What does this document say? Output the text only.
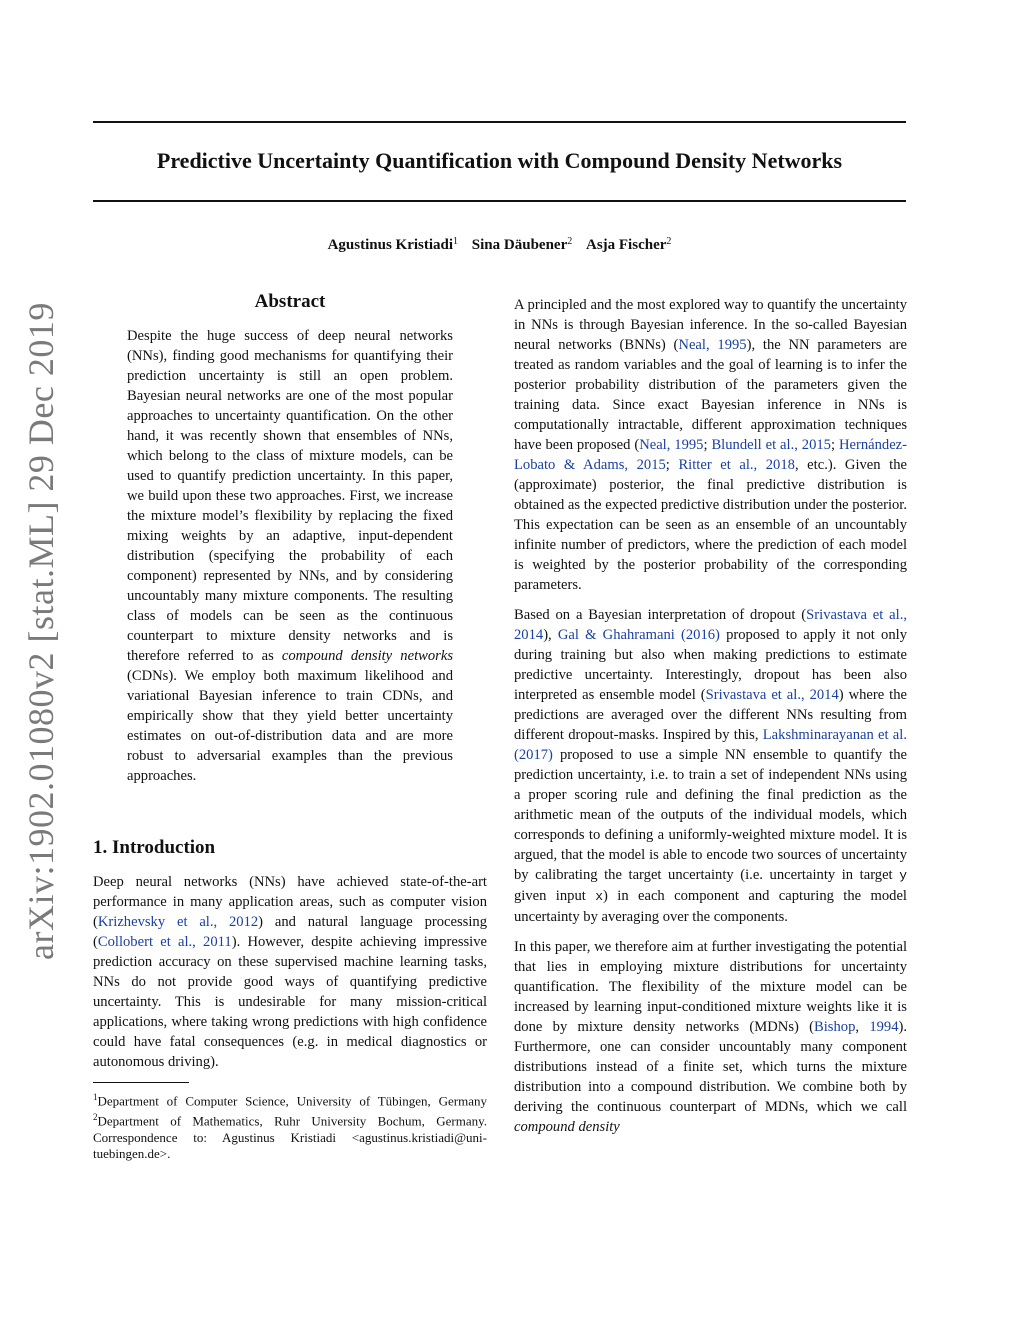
arXiv:1902.01080v2 [stat.ML] 29 Dec 2019
Predictive Uncertainty Quantification with Compound Density Networks
Agustinus Kristiadi$^1$ Sina Däubener$^2$ Asja Fischer$^2$
Abstract

Despite the huge success of deep neural networks (NNs), finding good mechanisms for quantifying their prediction uncertainty is still an open problem. Bayesian neural networks are one of the most popular approaches to uncertainty quantification. On the other hand, it was recently shown that ensembles of NNs, which belong to the class of mixture models, can be used to quantify prediction uncertainty. In this paper, we build upon these two approaches. First, we increase the mixture model’s flexibility by replacing the fixed mixing weights by an adaptive, input-dependent distribution (specifying the probability of each component) represented by NNs, and by considering uncountably many mixture components. The resulting class of models can be seen as the continuous counterpart to mixture density networks and is therefore referred to as compound density networks (CDNs). We employ both maximum likelihood and variational Bayesian inference to train CDNs, and empirically show that they yield better uncertainty estimates on out-of-distribution data and are more robust to adversarial examples than the previous approaches.

1. Introduction

Deep neural networks (NNs) have achieved state-of-the-art performance in many application areas, such as computer vision (Krizhevsky et al., 2012) and natural language processing (Collobert et al., 2011). However, despite achieving impressive prediction accuracy on these supervised machine learning tasks, NNs do not provide good ways of quantifying predictive uncertainty. This is undesirable for many mission-critical applications, where taking wrong predictions with high confidence could have fatal consequences (e.g. in medical diagnostics or autonomous driving).

$^1$Department of Computer Science, University of Tübingen, Germany $^2$Department of Mathematics, Ruhr University Bochum, Germany. Correspondence to: Agustinus Kristiadi <agustinus.kristiadi@uni-tuebingen.de>.

A principled and the most explored way to quantify the uncertainty in NNs is through Bayesian inference. In the so-called Bayesian neural networks (BNNs) (Neal, 1995), the NN parameters are treated as random variables and the goal of learning is to infer the posterior probability distribution of the parameters given the training data. Since exact Bayesian inference in NNs is computationally intractable, different approximation techniques have been proposed (Neal, 1995; Blundell et al., 2015; Hernández-Lobato & Adams, 2015; Ritter et al., 2018, etc.). Given the (approximate) posterior, the final predictive distribution is obtained as the expected predictive distribution under the posterior. This expectation can be seen as an ensemble of an uncountably infinite number of predictors, where the prediction of each model is weighted by the posterior probability of the corresponding parameters.

Based on a Bayesian interpretation of dropout (Srivastava et al., 2014), Gal & Ghahramani (2016) proposed to apply it not only during training but also when making predictions to estimate predictive uncertainty. Interestingly, dropout has been also interpreted as ensemble model (Srivastava et al., 2014) where the predictions are averaged over the different NNs resulting from different dropout-masks. Inspired by this, Lakshminarayanan et al. (2017) proposed to use a simple NN ensemble to quantify the prediction uncertainty, i.e. to train a set of independent NNs using a proper scoring rule and defining the final prediction as the arithmetic mean of the outputs of the individual models, which corresponds to defining a uniformly-weighted mixture model. It is argued, that the model is able to encode two sources of uncertainty by calibrating the target uncertainty (i.e. uncertainty in target y given input x) in each component and capturing the model uncertainty by averaging over the components.

In this paper, we therefore aim at further investigating the potential that lies in employing mixture distributions for uncertainty quantification. The flexibility of the mixture model can be increased by learning input-conditioned mixture weights like it is done by mixture density networks (MDNs) (Bishop, 1994). Furthermore, one can consider uncountably many component distributions instead of a finite set, which turns the mixture distribution into a compound distribution. We combine both by deriving the continuous counterpart of MDNs, which we call compound density
